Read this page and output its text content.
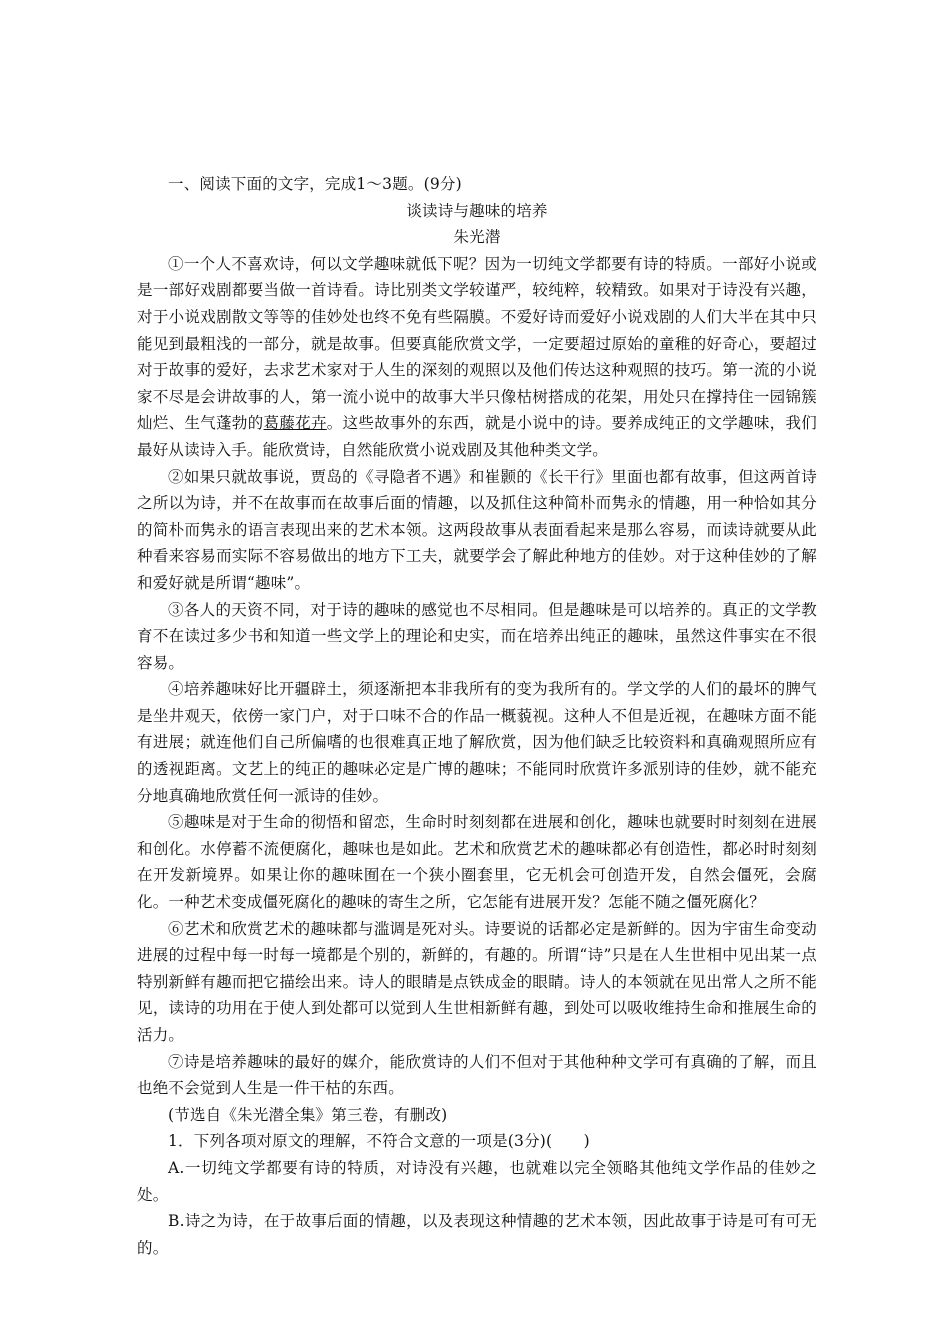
一、阅读下面的文字，完成1～3题。(9分)

谈读诗与趣味的培养
朱光潜

①一个人不喜欢诗，何以文学趣味就低下呢？因为一切纯文学都要有诗的特质。一部好小说或是一部好戏剧都要当做一首诗看。诗比别类文学较谨严，较纯粹，较精致。如果对于诗没有兴趣，对于小说戏剧散文等等的佳妙处也终不免有些隔膜。不爱好诗而爱好小说戏剧的人们大半在其中只能见到最粗浅的一部分，就是故事。但要真能欣赏文学，一定要超过原始的童稚的好奇心，要超过对于故事的爱好，去求艺术家对于人生的深刻的观照以及他们传达这种观照的技巧。第一流的小说家不尽是会讲故事的人，第一流小说中的故事大半只像枯树搭成的花架，用处只在撑持住一园锦簇灿烂、生气蓬勃的葛藤花卉。这些故事外的东西，就是小说中的诗。要养成纯正的文学趣味，我们最好从读诗入手。能欣赏诗，自然能欣赏小说戏剧及其他种类文学。

②如果只就故事说，贾岛的《寻隐者不遇》和崔颢的《长干行》里面也都有故事，但这两首诗之所以为诗，并不在故事而在故事后面的情趣，以及抓住这种简朴而隽永的情趣，用一种恰如其分的简朴而隽永的语言表现出来的艺术本领。这两段故事从表面看起来是那么容易，而读诗就要从此种看来容易而实际不容易做出的地方下工夫，就要学会了解此种地方的佳妙。对于这种佳妙的了解和爱好就是所谓“趣味”。

③各人的天资不同，对于诗的趣味的感觉也不尽相同。但是趣味是可以培养的。真正的文学教育不在读过多少书和知道一些文学上的理论和史实，而在培养出纯正的趣味，虽然这件事实在不很容易。

④培养趣味好比开疆辟土，须逐渐把本非我所有的变为我所有的。学文学的人们的最坏的脾气是坐井观天，依傍一家门户，对于口味不合的作品一概藐视。这种人不但是近视，在趣味方面不能有进展；就连他们自己所偏嗜的也很难真正地了解欣赏，因为他们缺乏比较资料和真确观照所应有的透视距离。文艺上的纯正的趣味必定是广博的趣味；不能同时欣赏许多派别诗的佳妙，就不能充分地真确地欣赏任何一派诗的佳妙。

⑤趣味是对于生命的彻悟和留恋，生命时时刻刻都在进展和创化，趣味也就要时时刻刻在进展和创化。水停蓄不流便腐化，趣味也是如此。艺术和欣赏艺术的趣味都必有创造性，都必时时刻刻在开发新境界。如果让你的趣味囿在一个狭小圈套里，它无机会可创造开发，自然会僵死，会腐化。一种艺术变成僵死腐化的趣味的寄生之所，它怎能有进展开发？怎能不随之僵死腐化？

⑥艺术和欣赏艺术的趣味都与滥调是死对头。诗要说的话都必定是新鲜的。因为宇宙生命变动进展的过程中每一时每一境都是个别的，新鲜的，有趣的。所谓“诗”只是在人生世相中见出某一点特别新鲜有趣而把它描绘出来。诗人的眼睛是点铁成金的眼睛。诗人的本领就在见出常人之所不能见，读诗的功用在于使人到处都可以觉到人生世相新鲜有趣，到处可以吸收维持生命和推展生命的活力。

⑦诗是培养趣味的最好的媒介，能欣赏诗的人们不但对于其他种种文学可有真确的了解，而且也绝不会觉到人生是一件干枯的东西。

(节选自《朱光潜全集》第三卷，有删改)

1．下列各项对原文的理解，不符合文意的一项是(3分)(　　)

A.一切纯文学都要有诗的特质，对诗没有兴趣，也就难以完全领略其他纯文学作品的佳妙之处。

B.诗之为诗，在于故事后面的情趣，以及表现这种情趣的艺术本领，因此故事于诗是可有可无的。
